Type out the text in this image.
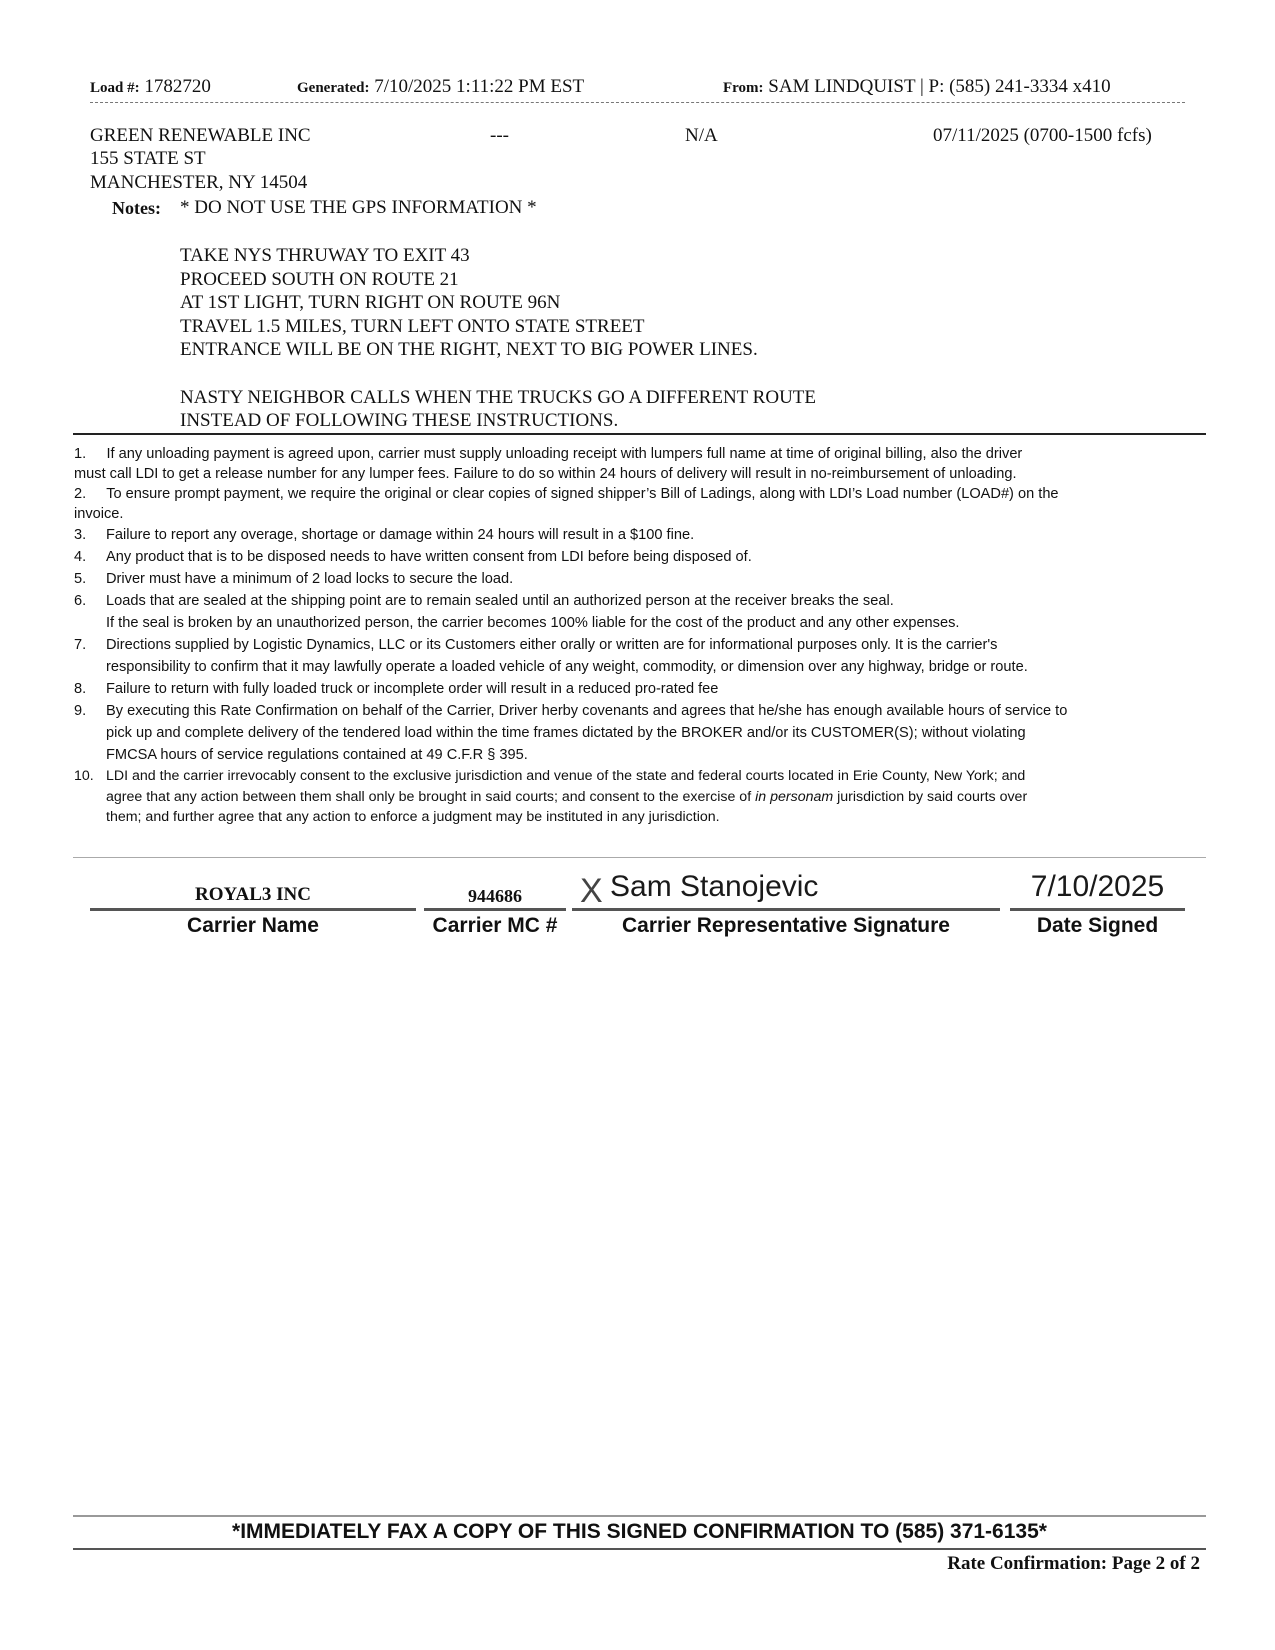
Load #: 1782720	Generated: 7/10/2025 1:11:22 PM EST	From: SAM LINDQUIST | P: (585) 241-3334 x410
GREEN RENEWABLE INC
155 STATE ST
MANCHESTER, NY 14504
---	N/A	07/11/2025 (0700-1500 fcfs)
Notes: * DO NOT USE THE GPS INFORMATION *
TAKE NYS THRUWAY TO EXIT 43
PROCEED SOUTH ON ROUTE 21
AT 1ST LIGHT, TURN RIGHT ON ROUTE 96N
TRAVEL 1.5 MILES, TURN LEFT ONTO STATE STREET
ENTRANCE WILL BE ON THE RIGHT, NEXT TO BIG POWER LINES.
NASTY NEIGHBOR CALLS WHEN THE TRUCKS GO A DIFFERENT ROUTE
INSTEAD OF FOLLOWING THESE INSTRUCTIONS.
1. If any unloading payment is agreed upon, carrier must supply unloading receipt with lumpers full name at time of original billing, also the driver
must call LDI to get a release number for any lumper fees. Failure to do so within 24 hours of delivery will result in no-reimbursement of unloading.
2. To ensure prompt payment, we require the original or clear copies of signed shipper’s Bill of Ladings, along with LDI’s Load number (LOAD#) on the
invoice.
3. Failure to report any overage, shortage or damage within 24 hours will result in a $100 fine.
4. Any product that is to be disposed needs to have written consent from LDI before being disposed of.
5. Driver must have a minimum of 2 load locks to secure the load.
6. Loads that are sealed at the shipping point are to remain sealed until an authorized person at the receiver breaks the seal.
If the seal is broken by an unauthorized person, the carrier becomes 100% liable for the cost of the product and any other expenses.
7. Directions supplied by Logistic Dynamics, LLC or its Customers either orally or written are for informational purposes only. It is the carrier's
responsibility to confirm that it may lawfully operate a loaded vehicle of any weight, commodity, or dimension over any highway, bridge or route.
8. Failure to return with fully loaded truck or incomplete order will result in a reduced pro-rated fee
9. By executing this Rate Confirmation on behalf of the Carrier, Driver herby covenants and agrees that he/she has enough available hours of service to
pick up and complete delivery of the tendered load within the time frames dictated by the BROKER and/or its CUSTOMER(S); without violating
FMCSA hours of service regulations contained at 49 C.F.R § 395.
10. LDI and the carrier irrevocably consent to the exclusive jurisdiction and venue of the state and federal courts located in Erie County, New York; and
agree that any action between them shall only be brought in said courts; and consent to the exercise of in personam jurisdiction by said courts over
them; and further agree that any action to enforce a judgment may be instituted in any jurisdiction.
ROYAL3 INC	944686	X Sam Stanojevic	7/10/2025
Carrier Name	Carrier MC #	Carrier Representative Signature	Date Signed
*IMMEDIATELY FAX A COPY OF THIS SIGNED CONFIRMATION TO (585) 371-6135*
Rate Confirmation: Page 2 of 2
